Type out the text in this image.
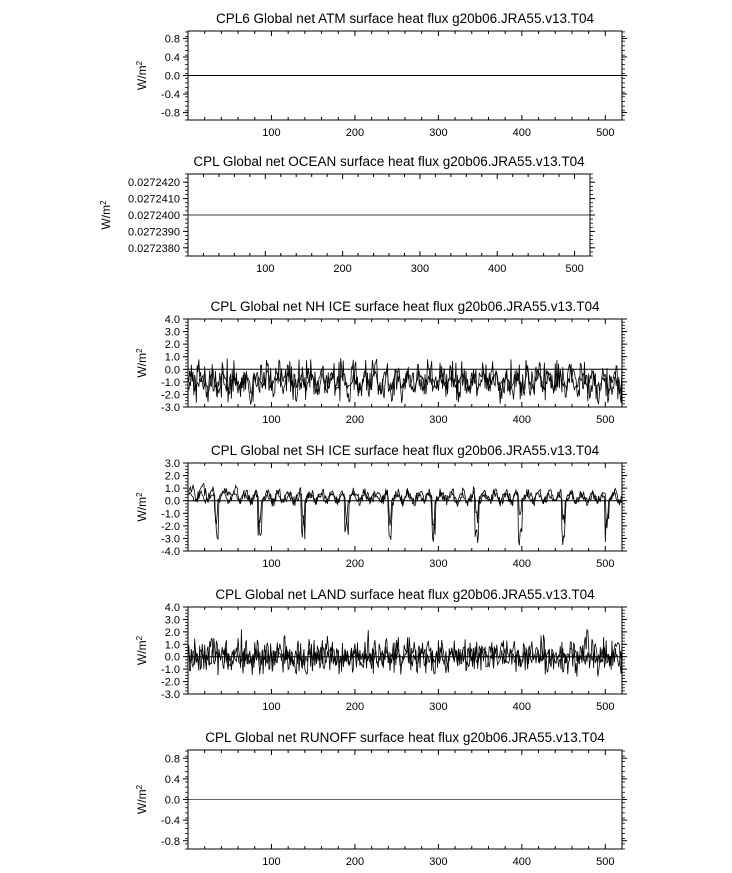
CPL6 Global net ATM surface heat flux g20b06.JRA55.v13.T04
100	200	300	400	500
0.8
0.4
0.0
-0.4
-0.8
$W/m^2$
CPL Global net OCEAN surface heat flux g20b06.JRA55.v13.T04
100	200	300	400	500
0.0272420
0.0272410
0.0272400
0.0272390
0.0272380
$W/m^2$
CPL Global net NH ICE surface heat flux g20b06.JRA55.v13.T04
100	200	300	400	500
4.0
3.0
2.0
1.0
0.0
-1.0
-2.0
-3.0
$W/m^2$
CPL Global net SH ICE surface heat flux g20b06.JRA55.v13.T04
100	200	300	400	500
3.0
2.0
1.0
0.0
-1.0
-2.0
-3.0
-4.0
$W/m^2$
CPL Global net LAND surface heat flux g20b06.JRA55.v13.T04
100	200	300	400	500
4.0
3.0
2.0
1.0
0.0
-1.0
-2.0
-3.0
$W/m^2$
CPL Global net RUNOFF surface heat flux g20b06.JRA55.v13.T04
100	200	300	400	500
0.8
0.4
0.0
-0.4
-0.8
$W/m^2$
